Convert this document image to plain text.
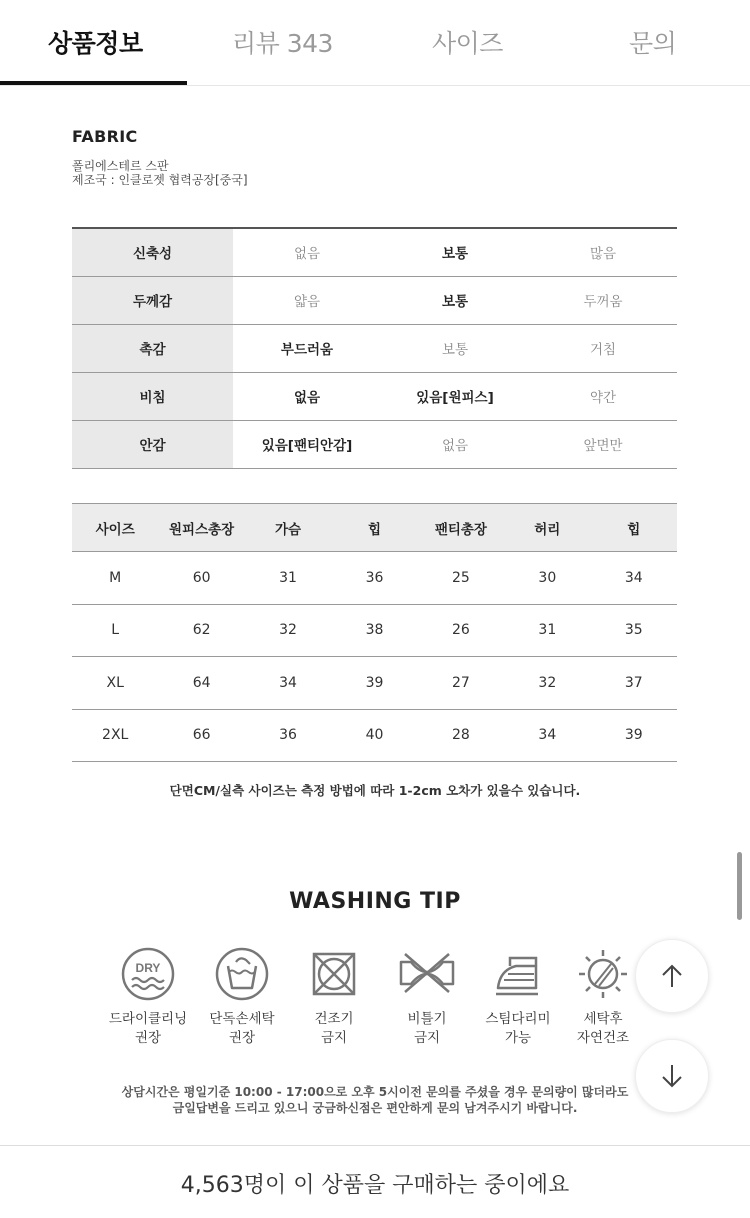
상품정보	리뷰 343	사이즈	문의
FABRIC
폴리에스테르 스판
제조국 : 인클로젯 협력공장[중국]
신축성	없음	보통	많음
두께감	얇음	보통	두꺼움
촉감	부드러움	보통	거침
비침	없음	있음[원피스]	약간
안감	있음[팬티안감]	없음	앞면만
사이즈	원피스총장	가슴	힙	팬티총장	허리	힙
M	60	31	36	25	30	34
L	62	32	38	26	31	35
XL	64	34	39	27	32	37
2XL	66	36	40	28	34	39
단면CM/실측 사이즈는 측정 방법에 따라 1-2cm 오차가 있을수 있습니다.
WASHING TIP
DRY
드라이클리닝
권장
단독손세탁
권장
건조기
금지
비틀기
금지
스팀다리미
가능
세탁후
자연건조
상담시간은 평일기준 10:00 - 17:00으로 오후 5시이전 문의를 주셨을 경우 문의량이 많더라도
금일답변을 드리고 있으니 궁금하신점은 편안하게 문의 남겨주시기 바랍니다.
4,563명이 이 상품을 구매하는 중이에요
